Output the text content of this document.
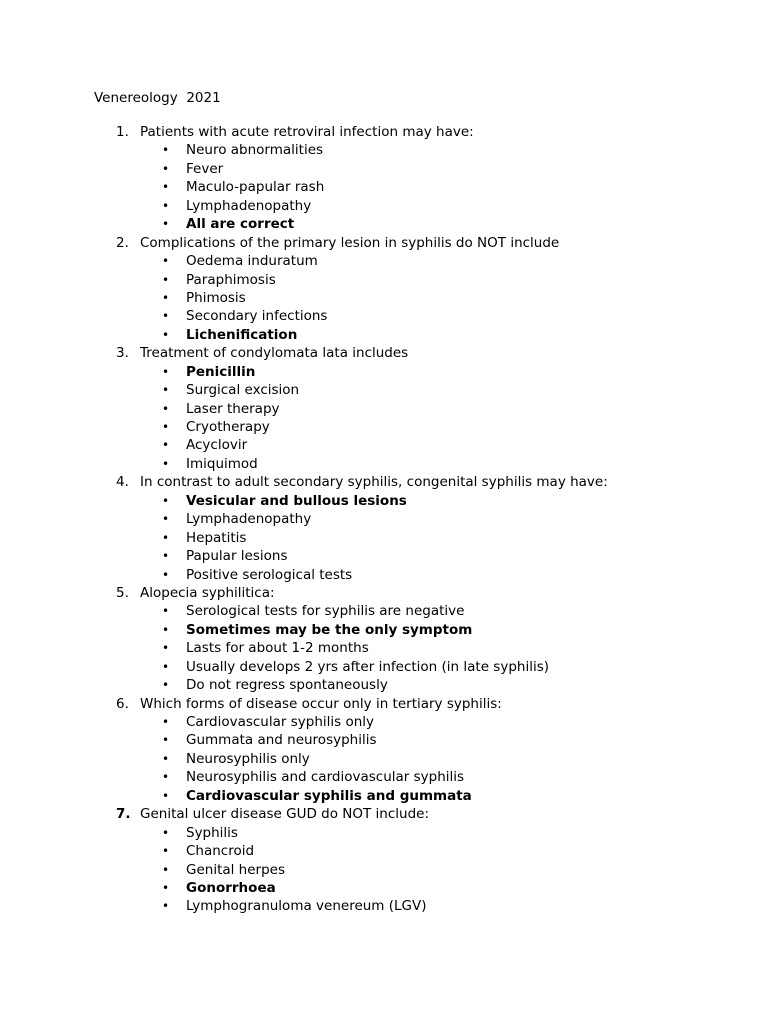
Venereology  2021
1. Patients with acute retroviral infection may have:
• Neuro abnormalities
• Fever
• Maculo-papular rash
• Lymphadenopathy
• All are correct
2. Complications of the primary lesion in syphilis do NOT include
• Oedema induratum
• Paraphimosis
• Phimosis
• Secondary infections
• Lichenification
3. Treatment of condylomata lata includes
• Penicillin
• Surgical excision
• Laser therapy
• Cryotherapy
• Acyclovir
• Imiquimod
4. In contrast to adult secondary syphilis, congenital syphilis may have:
• Vesicular and bullous lesions
• Lymphadenopathy
• Hepatitis
• Papular lesions
• Positive serological tests
5. Alopecia syphilitica:
• Serological tests for syphilis are negative
• Sometimes may be the only symptom
• Lasts for about 1-2 months
• Usually develops 2 yrs after infection (in late syphilis)
• Do not regress spontaneously
6. Which forms of disease occur only in tertiary syphilis:
• Cardiovascular syphilis only
• Gummata and neurosyphilis
• Neurosyphilis only
• Neurosyphilis and cardiovascular syphilis
• Cardiovascular syphilis and gummata
7. Genital ulcer disease GUD do NOT include:
• Syphilis
• Chancroid
• Genital herpes
• Gonorrhoea
• Lymphogranuloma venereum (LGV)
